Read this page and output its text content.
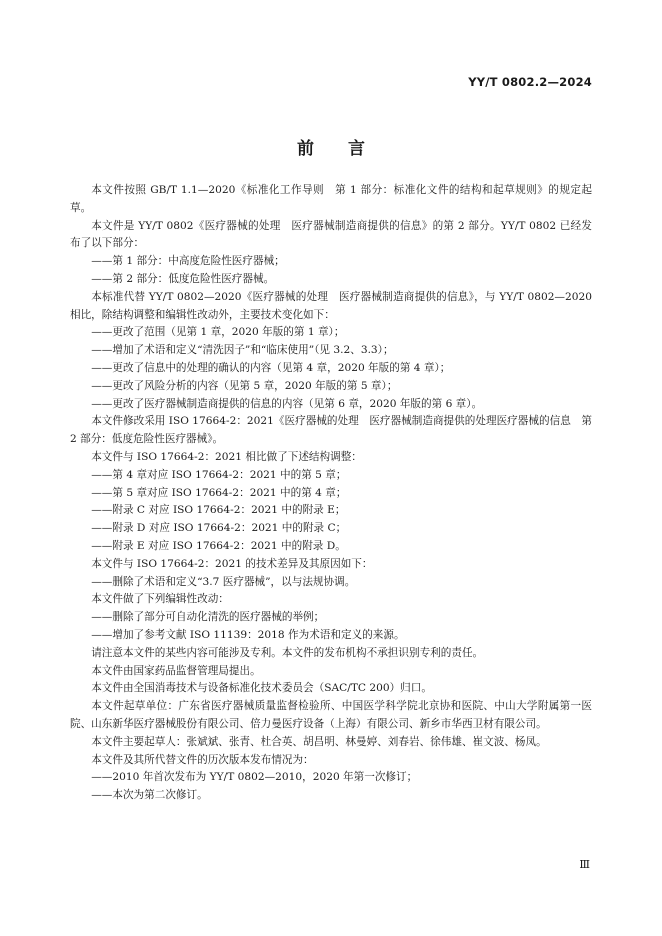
YY/T 0802.2—2024
前 言

本文件按照 GB/T 1.1—2020《标准化工作导则　第 1 部分：标准化文件的结构和起草规则》的规定起草。

本文件是 YY/T 0802《医疗器械的处理　医疗器械制造商提供的信息》的第 2 部分。YY/T 0802 已经发布了以下部分：

——第 1 部分：中高度危险性医疗器械；

——第 2 部分：低度危险性医疗器械。

本标准代替 YY/T 0802—2020《医疗器械的处理　医疗器械制造商提供的信息》，与 YY/T 0802—2020 相比，除结构调整和编辑性改动外，主要技术变化如下：

——更改了范围（见第 1 章，2020 年版的第 1 章）；

——增加了术语和定义“清洗因子”和“临床使用”（见 3.2、3.3）；

——更改了信息中的处理的确认的内容（见第 4 章，2020 年版的第 4 章）；

——更改了风险分析的内容（见第 5 章，2020 年版的第 5 章）；

——更改了医疗器械制造商提供的信息的内容（见第 6 章，2020 年版的第 6 章）。

本文件修改采用 ISO 17664-2：2021《医疗器械的处理　医疗器械制造商提供的处理医疗器械的信息　第 2 部分：低度危险性医疗器械》。

本文件与 ISO 17664-2：2021 相比做了下述结构调整：

——第 4 章对应 ISO 17664-2：2021 中的第 5 章；

——第 5 章对应 ISO 17664-2：2021 中的第 4 章；

——附录 C 对应 ISO 17664-2：2021 中的附录 E；

——附录 D 对应 ISO 17664-2：2021 中的附录 C；

——附录 E 对应 ISO 17664-2：2021 中的附录 D。

本文件与 ISO 17664-2：2021 的技术差异及其原因如下：

——删除了术语和定义“3.7 医疗器械”，以与法规协调。

本文件做了下列编辑性改动：

——删除了部分可自动化清洗的医疗器械的举例；

——增加了参考文献 ISO 11139：2018 作为术语和定义的来源。

请注意本文件的某些内容可能涉及专利。本文件的发布机构不承担识别专利的责任。

本文件由国家药品监督管理局提出。

本文件由全国消毒技术与设备标准化技术委员会（SAC/TC 200）归口。

本文件起草单位：广东省医疗器械质量监督检验所、中国医学科学院北京协和医院、中山大学附属第一医院、山东新华医疗器械股份有限公司、倍力曼医疗设备（上海）有限公司、新乡市华西卫材有限公司。

本文件主要起草人：张斌斌、张青、杜合英、胡昌明、林曼婷、刘春岩、徐伟雄、崔文波、杨凤。

本文件及其所代替文件的历次版本发布情况为：

——2010 年首次发布为 YY/T 0802—2010，2020 年第一次修订；

——本次为第二次修订。

Ⅲ
